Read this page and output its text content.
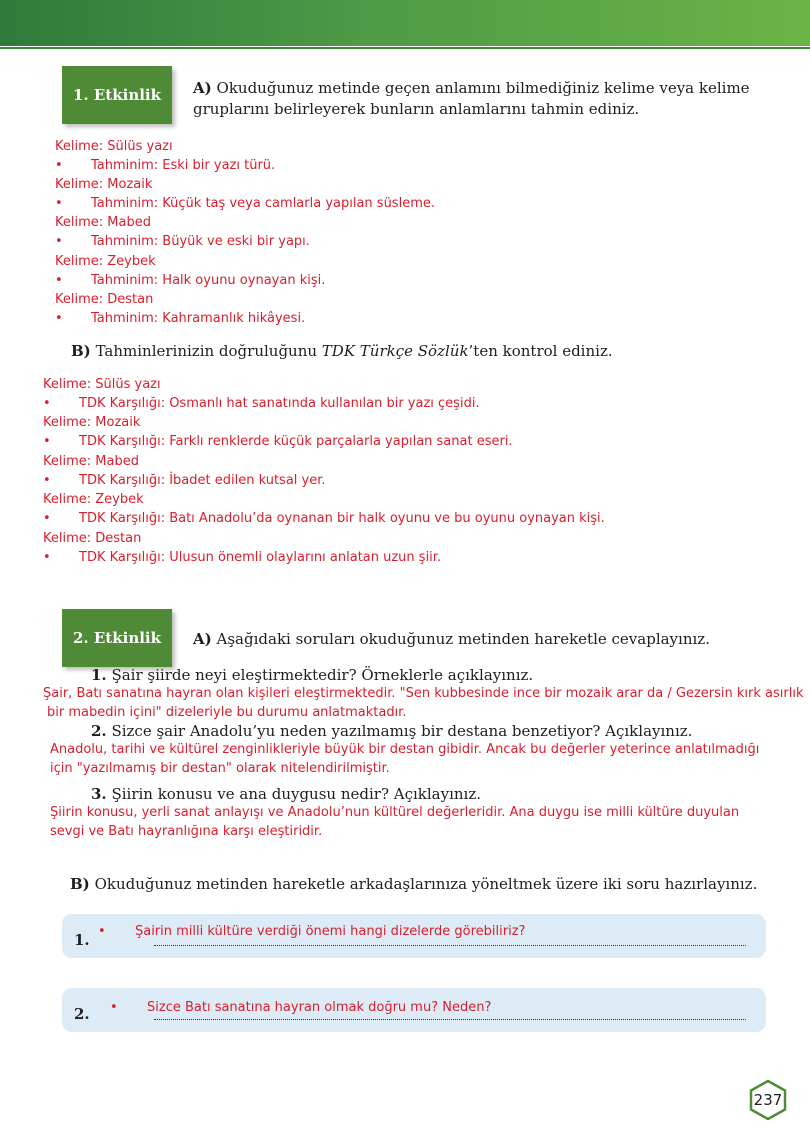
1. Etkinlik	A) Okuduğunuz metinde geçen anlamını bilmediğiniz kelime veya kelime
gruplarını belirleyerek bunların anlamlarını tahmin ediniz.
Kelime: Sülüs yazı
• Tahminim: Eski bir yazı türü.
Kelime: Mozaik
• Tahminim: Küçük taş veya camlarla yapılan süsleme.
Kelime: Mabed
• Tahminim: Büyük ve eski bir yapı.
Kelime: Zeybek
• Tahminim: Halk oyunu oynayan kişi.
Kelime: Destan
• Tahminim: Kahramanlık hikâyesi.
B) Tahminlerinizin doğruluğunu TDK Türkçe Sözlük’ten kontrol ediniz.
Kelime: Sülüs yazı
• TDK Karşılığı: Osmanlı hat sanatında kullanılan bir yazı çeşidi.
Kelime: Mozaik
• TDK Karşılığı: Farklı renklerde küçük parçalarla yapılan sanat eseri.
Kelime: Mabed
• TDK Karşılığı: İbadet edilen kutsal yer.
Kelime: Zeybek
• TDK Karşılığı: Batı Anadolu’da oynanan bir halk oyunu ve bu oyunu oynayan kişi.
Kelime: Destan
• TDK Karşılığı: Ulusun önemli olaylarını anlatan uzun şiir.
2. Etkinlik	A) Aşağıdaki soruları okuduğunuz metinden hareketle cevaplayınız.
1. Şair şiirde neyi eleştirmektedir? Örneklerle açıklayınız.
Şair, Batı sanatına hayran olan kişileri eleştirmektedir. "Sen kubbesinde ince bir mozaik arar da / Gezersin kırk asırlık
bir mabedin içini" dizeleriyle bu durumu anlatmaktadır.
2. Sizce şair Anadolu’yu neden yazılmamış bir destana benzetiyor? Açıklayınız.
Anadolu, tarihi ve kültürel zenginlikleriyle büyük bir destan gibidir. Ancak bu değerler yeterince anlatılmadığı
için "yazılmamış bir destan" olarak nitelendirilmiştir.
3. Şiirin konusu ve ana duygusu nedir? Açıklayınız.
Şiirin konusu, yerli sanat anlayışı ve Anadolu’nun kültürel değerleridir. Ana duygu ise milli kültüre duyulan
sevgi ve Batı hayranlığına karşı eleştiridir.
B) Okuduğunuz metinden hareketle arkadaşlarınıza yöneltmek üzere iki soru hazırlayınız.
1. • Şairin milli kültüre verdiği önemi hangi dizelerde görebiliriz?
2. • Sizce Batı sanatına hayran olmak doğru mu? Neden?
237
